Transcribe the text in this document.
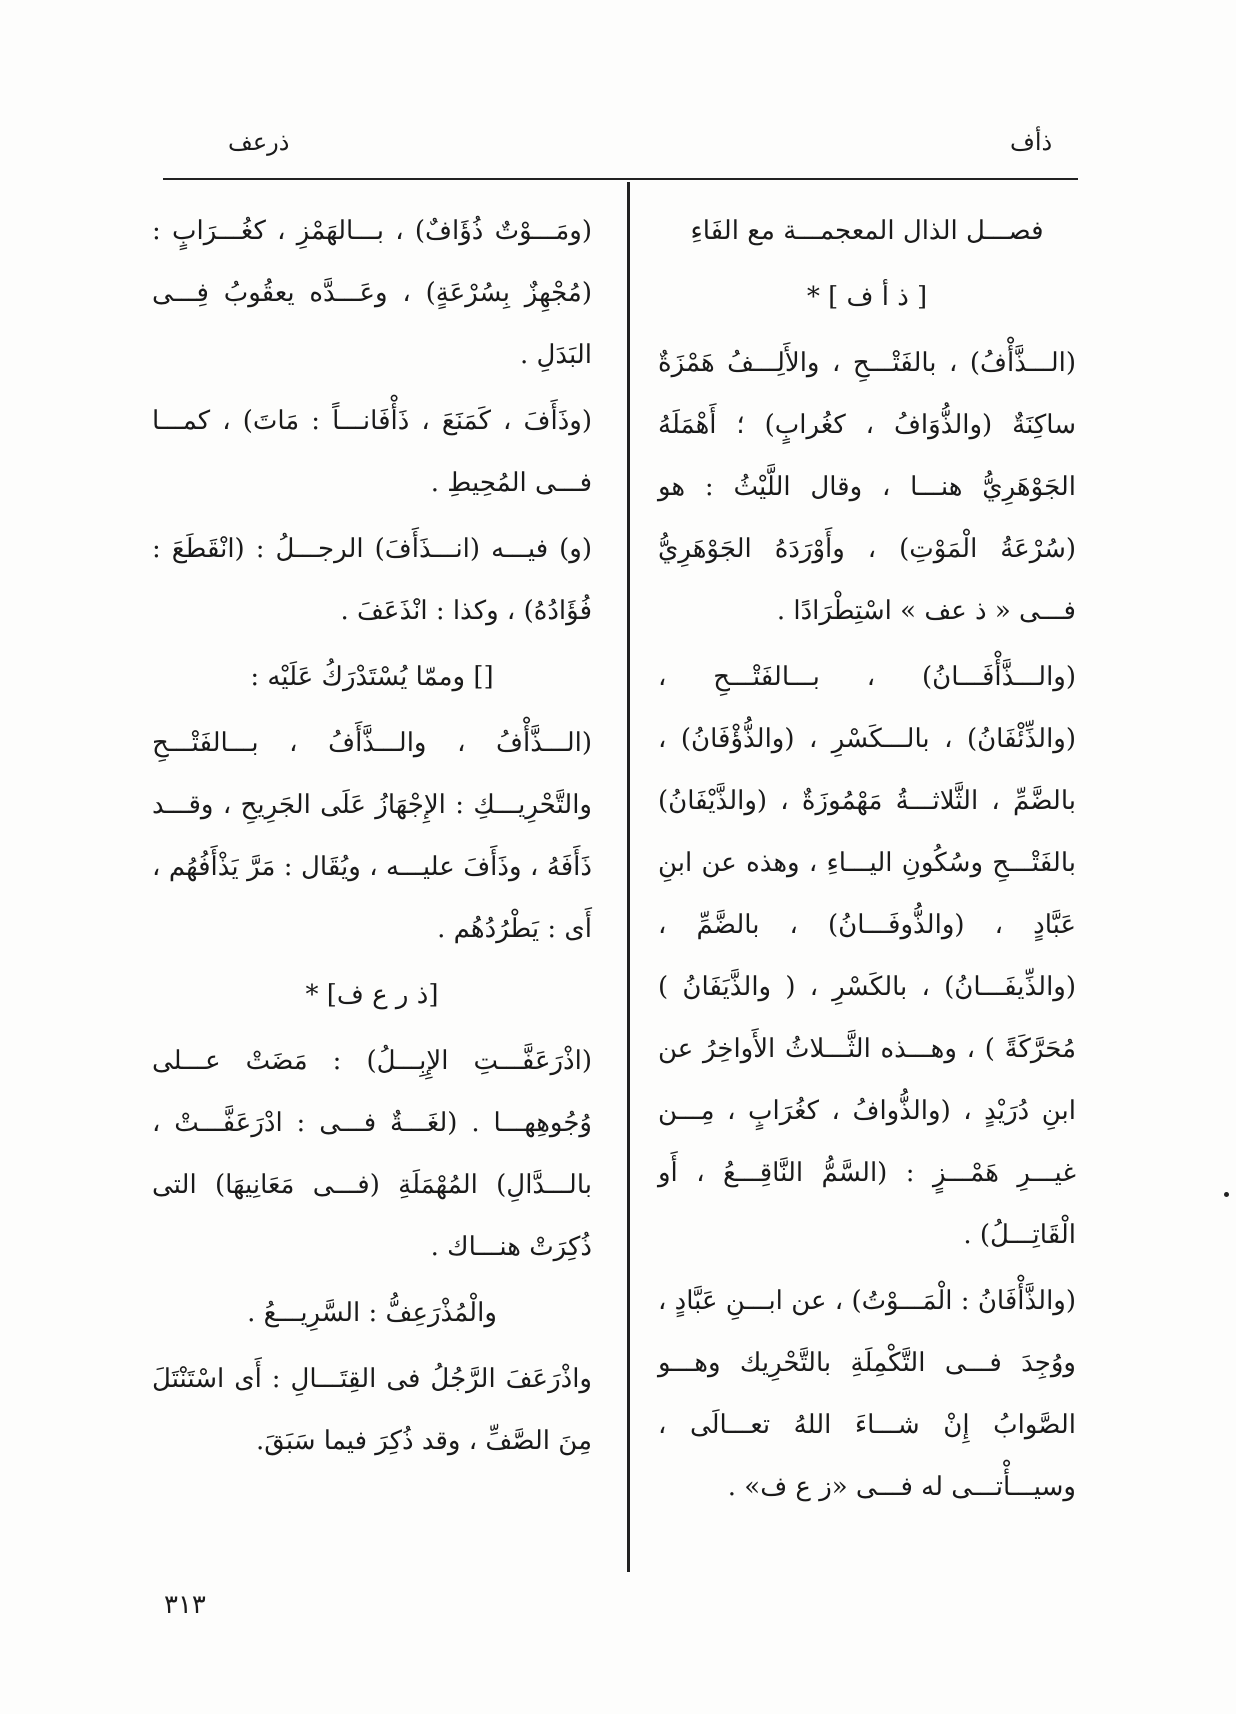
ذأف
ذرعف

فصـــل الذال المعجمـــة مع الفَاءِ

[ ذ أ ف ] *

(الـــذَّأْفُ) ، بالفَتْـــحِ ، والأَلِـــفُ هَمْزَةٌ ساكِنَةٌ (والذُّوَافُ ، كغُرابٍ) ؛ أَهْمَلَهُ الجَوْهَرِيُّ هنـــا ، وقال اللَّيْثُ : هو (سُرْعَةُ الْمَوْتِ) ، وأَوْرَدَهُ الجَوْهَرِيُّ فـــى « ذ عف » اسْتِطْرَادًا .

(والـــذَّأْفَـــانُ) ، بـــالفَتْـــحِ ، (والذِّئْفَانُ) ، بالـــكَسْرِ ، (والذُّؤْفَانُ) ، بالضَّمِّ ، الثَّلاثـــةُ مَهْمُوزَةٌ ، (والذَّيْفَانُ) بالفَتْـــحِ وسُكُونِ اليـــاءِ ، وهذه عن ابنِ عَبَّادٍ ، (والذُّوفَـــانُ) ، بالضَّمِّ ، (والذِّيفَـــانُ) ، بالكَسْرِ ، ( والذَّيَفَانُ ) مُحَرَّكَةً ) ، وهـــذه الثَّـــلاثُ الأَواخِرُ عن ابنِ دُرَيْدٍ ، (والذُّوافُ ، كغُرَابٍ ، مِـــن غيـــرِ هَمْـــزٍ : (السَّمُّ النَّاقِـــعُ ، أَو الْقَاتِـــلُ) .

(والذَّأْفَانُ : الْمَـــوْتُ) ، عن ابـــنِ عَبَّادٍ ، ووُجِدَ فـــى التَّكْمِلَةِ بالتَّحْرِيك وهـــو الصَّوابُ إِنْ شـــاءَ اللهُ تعـــالَى ، وسيـــأْتـــى له فـــى «ز ع ف» .

(ومَـــوْتٌ ذُؤَافٌ) ، بـــالهَمْزِ ، كغُـــرَابٍ : (مُجْهِزٌ بِسُرْعَةٍ) ، وعَـــدَّه يعقُوبُ فِـــى البَدَلِ .

(وذَأَفَ ، كَمَنَعَ ، ذَأْفَانـــاً : مَاتَ) ، كمـــا فـــى المُحِيطِ .

(و) فيـــه (انـــذَأَفَ) الرجـــلُ : (انْقَطَعَ : فُؤَادُهُ) ، وكذا : انْذَعَفَ .

[] وممّا يُسْتَدْرَكُ عَلَيْه :

(الـــذَّأْفُ ، والـــذَّأَفُ ، بـــالفَتْـــحِ والتَّحْرِيـــكِ : الإِجْهَازُ عَلَى الجَرِيحِ ، وقـــد ذَأَفَهُ ، وذَأَفَ عليـــه ، ويُقَال : مَرَّ يَذْأَفُهُم ، أَى : يَطْرُدُهُم .

[ذ ر ع ف] *

(اذْرَعَفَّـــتِ الإِبِـــلُ) : مَضَتْ عـــلى وُجُوهِهـــا . (لغَـــةٌ فـــى : ادْرَعَفَّـــتْ ، بالـــدَّالِ) المُهْمَلَةِ (فـــى مَعَانِيهَا) التى ذُكِرَتْ هنـــاك .

والْمُذْرَعِفُّ : السَّرِيـــعُ .

واذْرَعَفَ الرَّجُلُ فى القِتَـــالِ : أَى اسْتَنْتَلَ مِنَ الصَّفِّ ، وقد ذُكِرَ فيما سَبَقَ.

٣١٣
